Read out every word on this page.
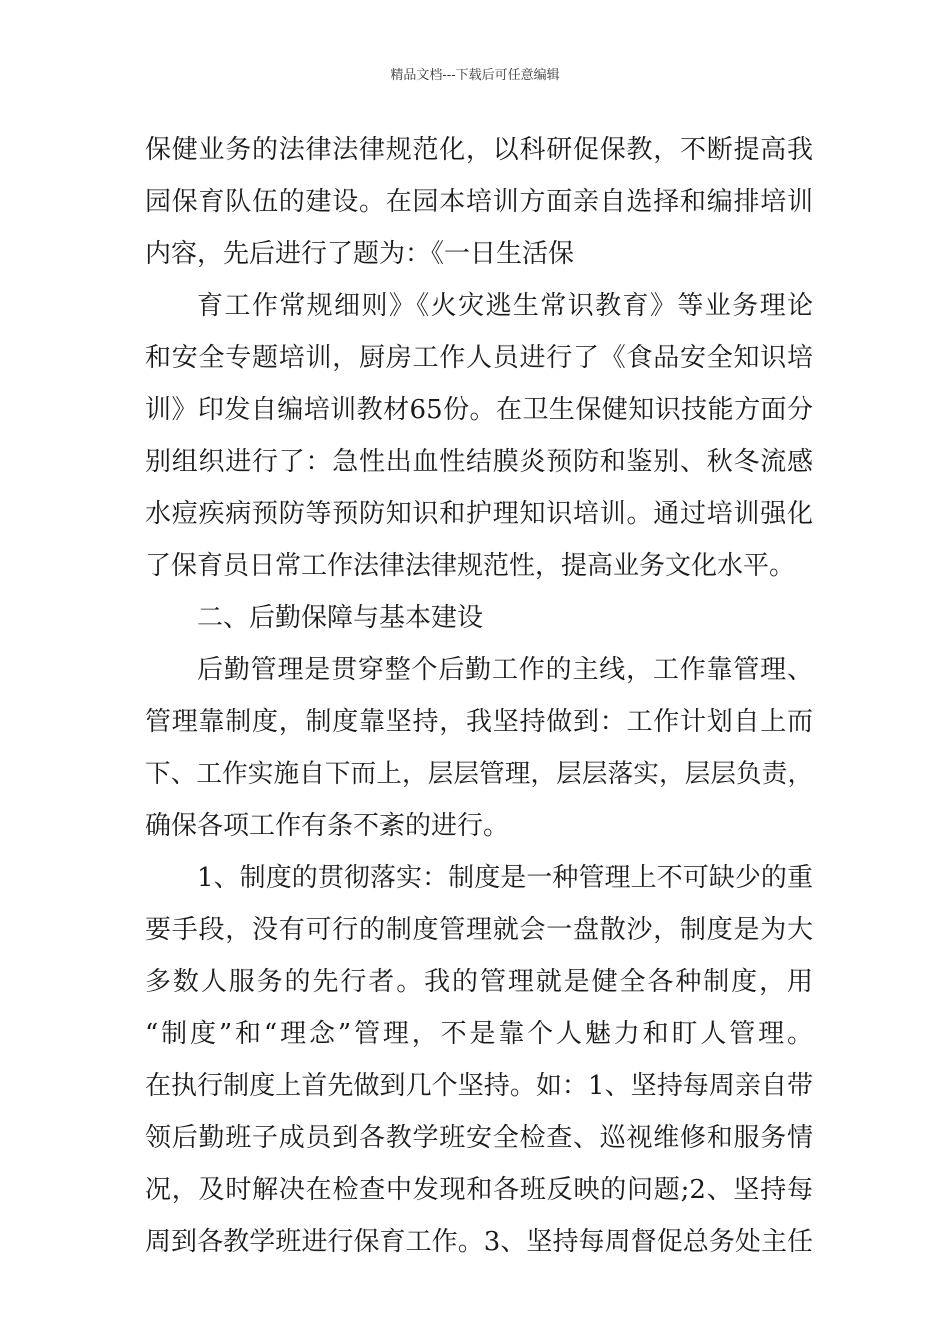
精品文档---下载后可任意编辑
保健业务的法律法律规范化，以科研促保教，不断提高我
园保育队伍的建设。在园本培训方面亲自选择和编排培训
内容，先后进行了题为：《一日生活保
育工作常规细则》《火灾逃生常识教育》等业务理论
和安全专题培训，厨房工作人员进行了《食品安全知识培
训》印发自编培训教材65份。在卫生保健知识技能方面分
别组织进行了：急性出血性结膜炎预防和鉴别、秋冬流感
水痘疾病预防等预防知识和护理知识培训。通过培训强化
了保育员日常工作法律法律规范性，提高业务文化水平。
二、后勤保障与基本建设
后勤管理是贯穿整个后勤工作的主线，工作靠管理、
管理靠制度，制度靠坚持，我坚持做到：工作计划自上而
下、工作实施自下而上，层层管理，层层落实，层层负责，
确保各项工作有条不紊的进行。
1、制度的贯彻落实：制度是一种管理上不可缺少的重
要手段，没有可行的制度管理就会一盘散沙，制度是为大
多数人服务的先行者。我的管理就是健全各种制度，用
“制度”和“理念”管理，不是靠个人魅力和盯人管理。
在执行制度上首先做到几个坚持。如：1、坚持每周亲自带
领后勤班子成员到各教学班安全检查、巡视维修和服务情
况，及时解决在检查中发现和各班反映的问题;2、坚持每
周到各教学班进行保育工作。3、坚持每周督促总务处主任
